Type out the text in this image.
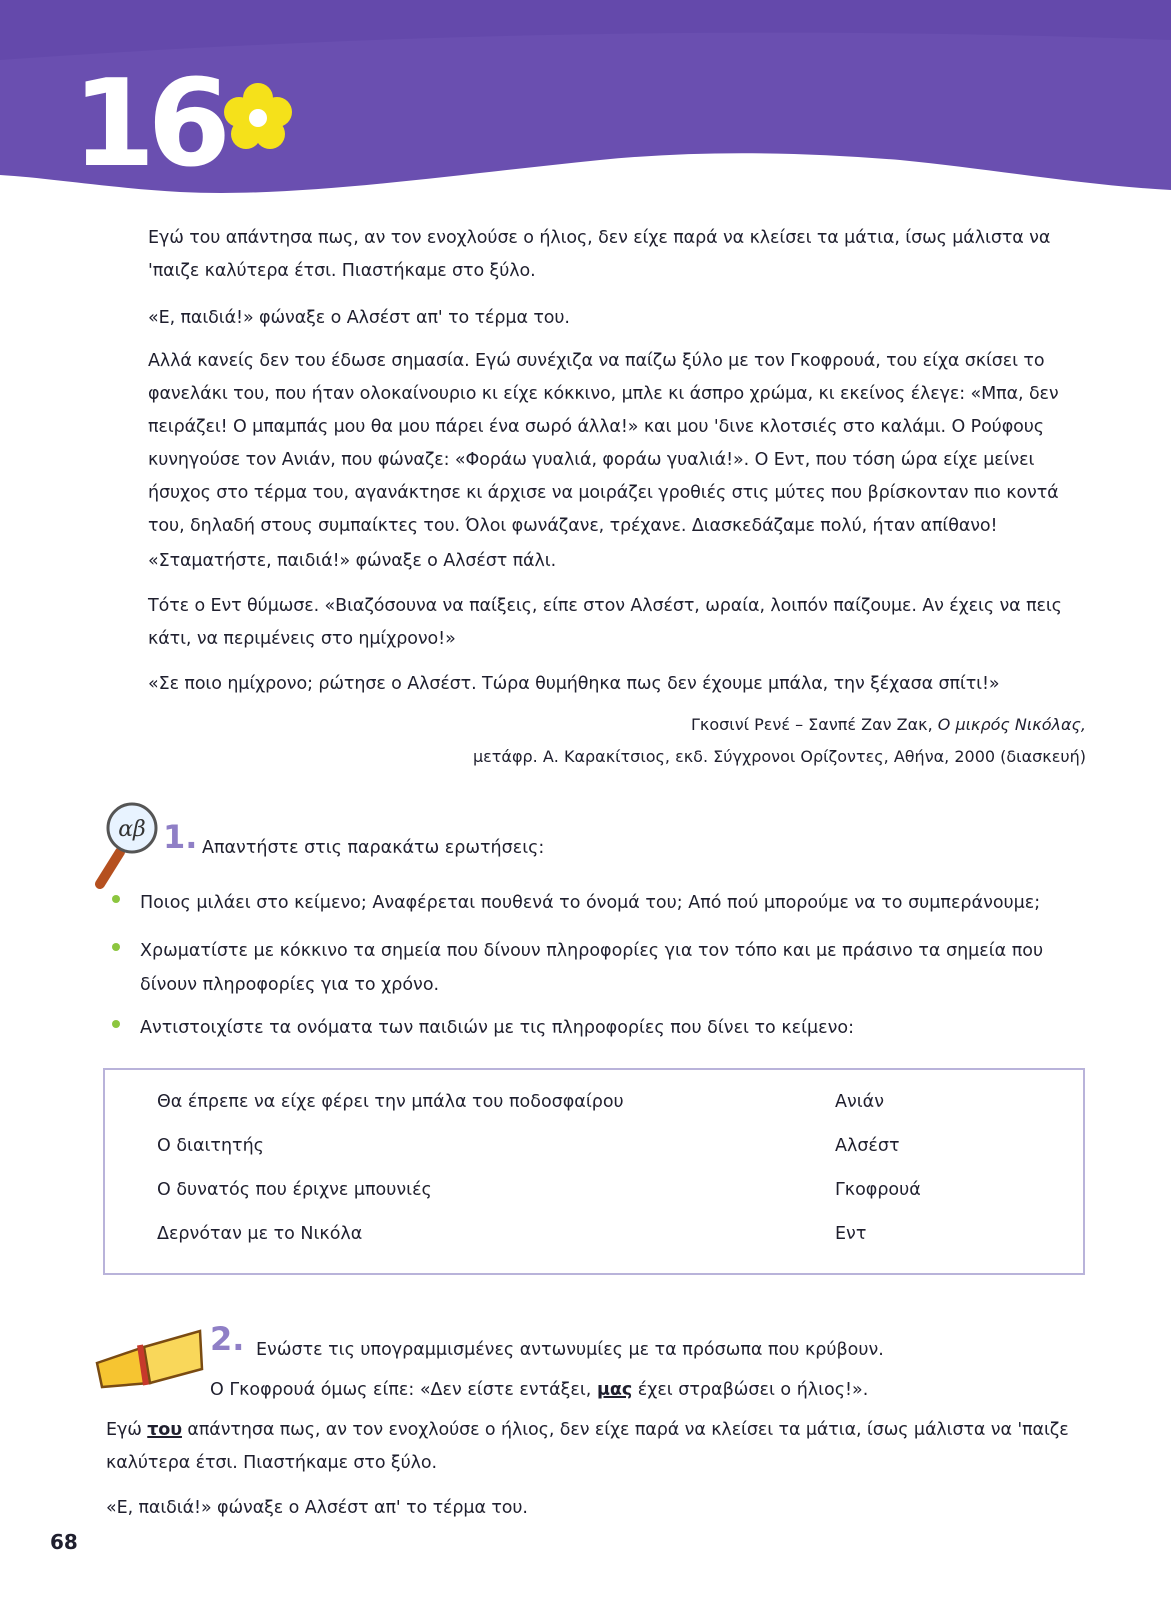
16

Εγώ του απάντησα πως, αν τον ενοχλούσε ο ήλιος, δεν είχε παρά να κλείσει τα μάτια, ίσως μάλιστα να 'παιζε καλύτερα έτσι. Πιαστήκαμε στο ξύλο.

«Ε, παιδιά!» φώναξε ο Αλσέστ απ' το τέρμα του.

Αλλά κανείς δεν του έδωσε σημασία. Εγώ συνέχιζα να παίζω ξύλο με τον Γκοφρουά, του είχα σκίσει το φανελάκι του, που ήταν ολοκαίνουριο κι είχε κόκκινο, μπλε κι άσπρο χρώμα, κι εκείνος έλεγε: «Μπα, δεν πειράζει! Ο μπαμπάς μου θα μου πάρει ένα σωρό άλλα!» και μου 'δινε κλοτσιές στο καλάμι. Ο Ρούφους κυνηγούσε τον Ανιάν, που φώναζε: «Φοράω γυαλιά, φοράω γυαλιά!». Ο Εντ, που τόση ώρα είχε μείνει ήσυχος στο τέρμα του, αγανάκτησε κι άρχισε να μοιράζει γροθιές στις μύτες που βρίσκονταν πιο κοντά του, δηλαδή στους συμπαίκτες του. Όλοι φωνάζανε, τρέχανε. Διασκεδάζαμε πολύ, ήταν απίθανο!

«Σταματήστε, παιδιά!» φώναξε ο Αλσέστ πάλι.

Τότε ο Εντ θύμωσε. «Βιαζόσουνα να παίξεις, είπε στον Αλσέστ, ωραία, λοιπόν παίζουμε. Αν έχεις να πεις κάτι, να περιμένεις στο ημίχρονο!»

«Σε ποιο ημίχρονο; ρώτησε ο Αλσέστ. Τώρα θυμήθηκα πως δεν έχουμε μπάλα, την ξέχασα σπίτι!»

Γκοσινί Ρενέ – Σανπέ Ζαν Ζακ, Ο μικρός Νικόλας,
μετάφρ. Α. Καρακίτσιος, εκδ. Σύγχρονοι Ορίζοντες, Αθήνα, 2000 (διασκευή)
αβ 1. Απαντήστε στις παρακάτω ερωτήσεις:
Ποιος μιλάει στο κείμενο; Αναφέρεται πουθενά το όνομά του; Από πού μπορούμε να το συμπεράνουμε;
Χρωματίστε με κόκκινο τα σημεία που δίνουν πληροφορίες για τον τόπο και με πράσινο τα σημεία που δίνουν πληροφορίες για το χρόνο.
Αντιστοιχίστε τα ονόματα των παιδιών με τις πληροφορίες που δίνει το κείμενο:
Θα έπρεπε να είχε φέρει την μπάλα του ποδοσφαίρου
Ο διαιτητής
Ο δυνατός που έριχνε μπουνιές
Δερνόταν με το Νικόλα
Ανιάν
Αλσέστ
Γκοφρουά
Εντ
2. Ενώστε τις υπογραμμισμένες αντωνυμίες με τα πρόσωπα που κρύβουν.
Ο Γκοφρουά όμως είπε: «Δεν είστε εντάξει, μας έχει στραβώσει ο ήλιος!».

Εγώ του απάντησα πως, αν τον ενοχλούσε ο ήλιος, δεν είχε παρά να κλείσει τα μάτια, ίσως μάλιστα να 'παιζε καλύτερα έτσι. Πιαστήκαμε στο ξύλο.

«Ε, παιδιά!» φώναξε ο Αλσέστ απ' το τέρμα του.

68
